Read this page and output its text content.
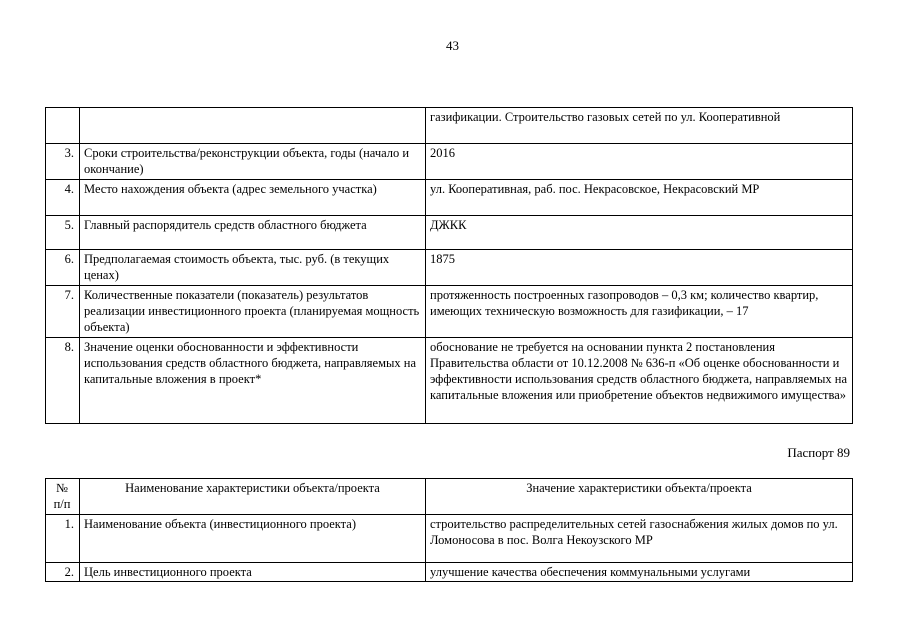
43
		газификации. Строительство газовых сетей по ул. Кооперативной
3.	Сроки строительства/реконструкции объекта, годы (начало и окончание)	2016
4.	Место нахождения объекта (адрес земельного участка)	ул. Кооперативная, раб. пос. Некрасовское, Некрасовский МР
5.	Главный распорядитель средств областного бюджета	ДЖКК
6.	Предполагаемая стоимость объекта, тыс. руб. (в текущих ценах)	1875
7.	Количественные показатели (показатель) результатов реализации инвестиционного проекта (планируемая мощность объекта)	протяженность построенных газопроводов – 0,3 км; количество квартир, имеющих техническую возможность для газификации, – 17
8.	Значение оценки обоснованности и эффективности использования средств областного бюджета, направляемых на капитальные вложения в проект*	обоснование не требуется на основании пункта 2 постановления Правительства области от 10.12.2008 № 636-п «Об оценке обоснованности и эффективности использования средств областного бюджета, направляемых на капитальные вложения или приобретение объектов недвижимого имущества»
Паспорт 89
№ п/п	Наименование характеристики объекта/проекта	Значение характеристики объекта/проекта
1.	Наименование объекта (инвестиционного проекта)	строительство распределительных сетей газоснабжения жилых домов по ул. Ломоносова в пос. Волга Некоузского МР
2.	Цель инвестиционного проекта	улучшение качества обеспечения коммунальными услугами
